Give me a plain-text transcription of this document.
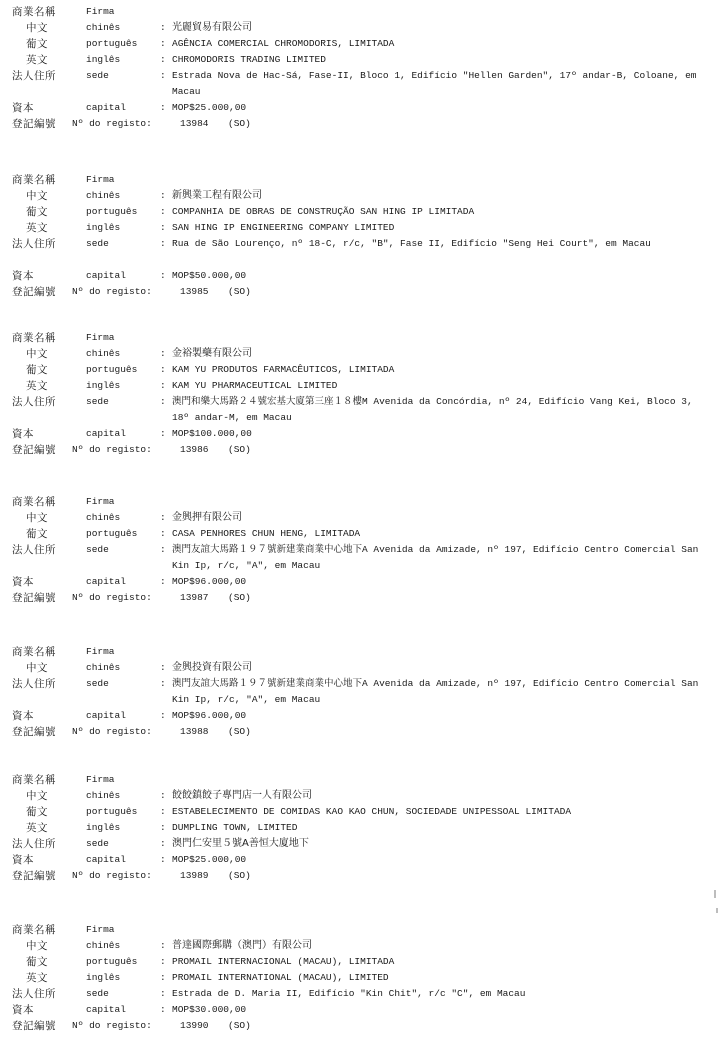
商業名稱	Firma
中文	chinês	: 光麗貿易有限公司
葡文	português : AGÊNCIA COMERCIAL CHROMODORIS, LIMITADA
英文	inglês	: CHROMODORIS TRADING LIMITED
法人住所	sede	: Estrada Nova de Hac-Sá, Fase-II, Bloco 1, Edifício "Hellen Garden", 17º andar-B, Coloane, em Macau
資本	capital	: MOP$25.000,00
登記編號 Nº do registo:	13984 (SO)
商業名稱	Firma
中文	chinês	: 新興業工程有限公司
葡文	português : COMPANHIA DE OBRAS DE CONSTRUÇÃO SAN HING IP LIMITADA
英文	inglês	: SAN HING IP ENGINEERING COMPANY LIMITED
法人住所	sede	: Rua de São Lourenço, nº 18-C, r/c, "B", Fase II, Edifício "Seng Hei Court", em Macau
資本	capital	: MOP$50.000,00
登記編號 Nº do registo:	13985 (SO)
商業名稱	Firma
中文	chinês	: 金裕製藥有限公司
葡文	português : KAM YU PRODUTOS FARMACÊUTICOS, LIMITADA
英文	inglês	: KAM YU PHARMACEUTICAL LIMITED
法人住所	sede	: 澳門和樂大馬路２４號宏基大廈第三座１８樓M Avenida da Concórdia, nº 24, Edifício Vang Kei, Bloco 3, 18º andar-M, em Macau
資本	capital	: MOP$100.000,00
登記編號 Nº do registo:	13986 (SO)
商業名稱	Firma
中文	chinês	: 金興押有限公司
葡文	português : CASA PENHORES CHUN HENG, LIMITADA
法人住所	sede	: 澳門友誼大馬路１９７號新建業商業中心地下A Avenida da Amizade, nº 197, Edifício Centro Comercial San Kin Ip, r/c, "A", em Macau
資本	capital	: MOP$96.000,00
登記編號 Nº do registo:	13987 (SO)
商業名稱	Firma
中文	chinês	: 金興投資有限公司
法人住所	sede	: 澳門友誼大馬路１９７號新建業商業中心地下A Avenida da Amizade, nº 197, Edifício Centro Comercial San Kin Ip, r/c, "A", em Macau
資本	capital	: MOP$96.000,00
登記編號 Nº do registo:	13988 (SO)
商業名稱	Firma
中文	chinês	: 餃餃鎮餃子專門店一人有限公司
葡文	português : ESTABELECIMENTO DE COMIDAS KAO KAO CHUN, SOCIEDADE UNIPESSOAL LIMITADA
英文	inglês	: DUMPLING TOWN, LIMITED
法人住所	sede	: 澳門仁安里５號A善恒大廈地下
資本	capital	: MOP$25.000,00
登記編號 Nº do registo:	13989 (SO)
商業名稱	Firma
中文	chinês	: 普達國際郵購（澳門）有限公司
葡文	português : PROMAIL INTERNACIONAL (MACAU), LIMITADA
英文	inglês	: PROMAIL INTERNATIONAL (MACAU), LIMITED
法人住所	sede	: Estrada de D. Maria II, Edifício "Kin Chit", r/c "C", em Macau
資本	capital	: MOP$30.000,00
登記編號 Nº do registo:	13990 (SO)
